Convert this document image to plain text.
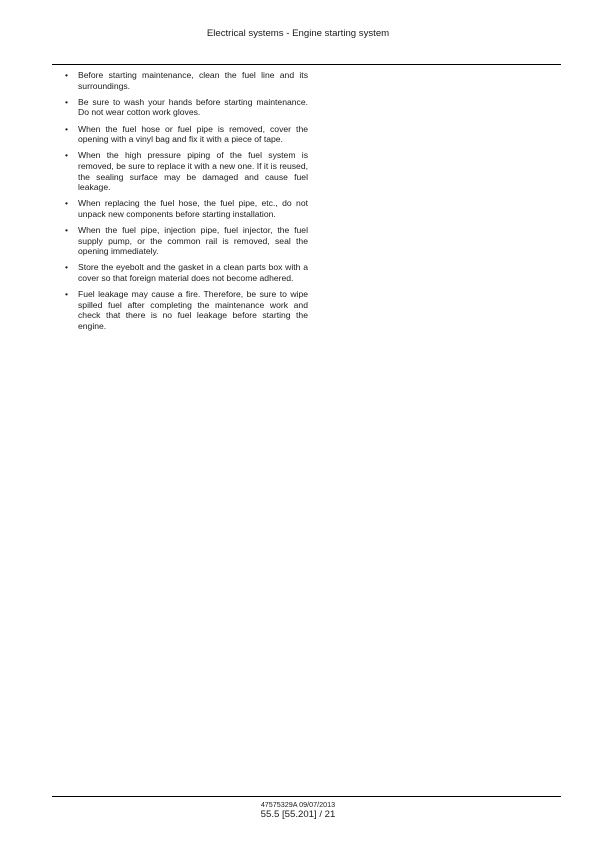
Electrical systems - Engine starting system
• Before starting maintenance, clean the fuel line and its surroundings.
• Be sure to wash your hands before starting maintenance. Do not wear cotton work gloves.
• When the fuel hose or fuel pipe is removed, cover the opening with a vinyl bag and fix it with a piece of tape.
• When the high pressure piping of the fuel system is removed, be sure to replace it with a new one. If it is reused, the sealing surface may be damaged and cause fuel leakage.
• When replacing the fuel hose, the fuel pipe, etc., do not unpack new components before starting installation.
• When the fuel pipe, injection pipe, fuel injector, the fuel supply pump, or the common rail is removed, seal the opening immediately.
• Store the eyebolt and the gasket in a clean parts box with a cover so that foreign material does not become adhered.
• Fuel leakage may cause a fire. Therefore, be sure to wipe spilled fuel after completing the maintenance work and check that there is no fuel leakage before starting the engine.
47575329A 09/07/2013
55.5 [55.201] / 21
